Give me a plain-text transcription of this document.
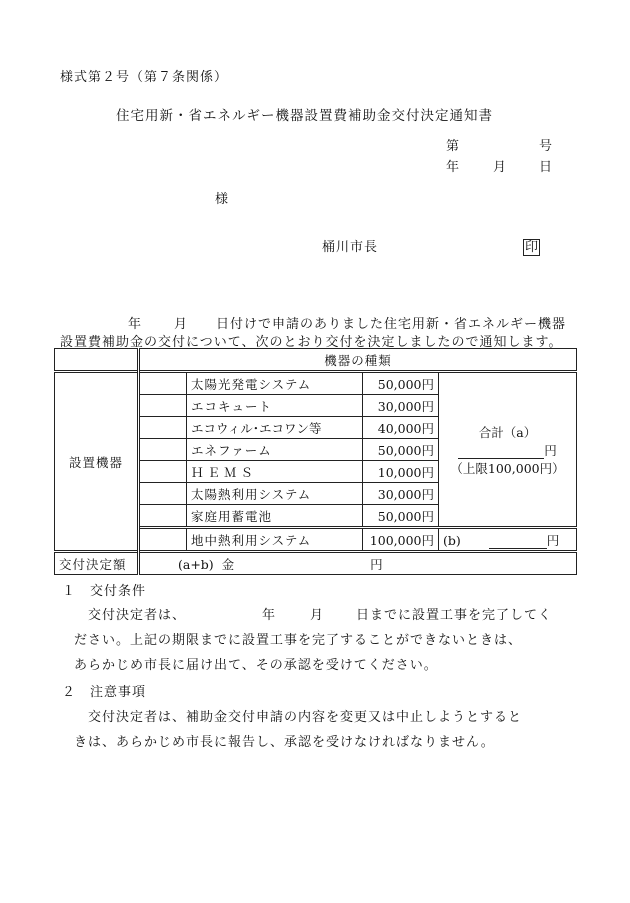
様式第２号（第７条関係）
住宅用新・省エネルギー機器設置費補助金交付決定通知書
第	号
年	月	日
様
桶川市長	印
年 月 日付けで申請のありました住宅用新・省エネルギー機器
設置費補助金の交付について、次のとおり交付を決定しましたので通知します。
	機器の種類			
設置機器		太陽光発電システム	50,000円	合計（a）
円
（上限100,000円）

		エコキュート	30,000円	
		エコウィル･エコワン等	40,000円	
		エネファーム	50,000円	
		ＨＥＭＳ	10,000円	
		太陽熱利用システム	30,000円	
		家庭用蓄電池	50,000円	
		地中熱利用システム	100,000円	(b) 円
交付決定額	(a+b) 金 円			
１ 交付条件
交付決定者は、	年	月	日までに設置工事を完了してく
ださい。上記の期限までに設置工事を完了することができないときは、
あらかじめ市長に届け出て、その承認を受けてください。
２ 注意事項
交付決定者は、補助金交付申請の内容を変更又は中止しようとすると
きは、あらかじめ市長に報告し、承認を受けなければなりません。
